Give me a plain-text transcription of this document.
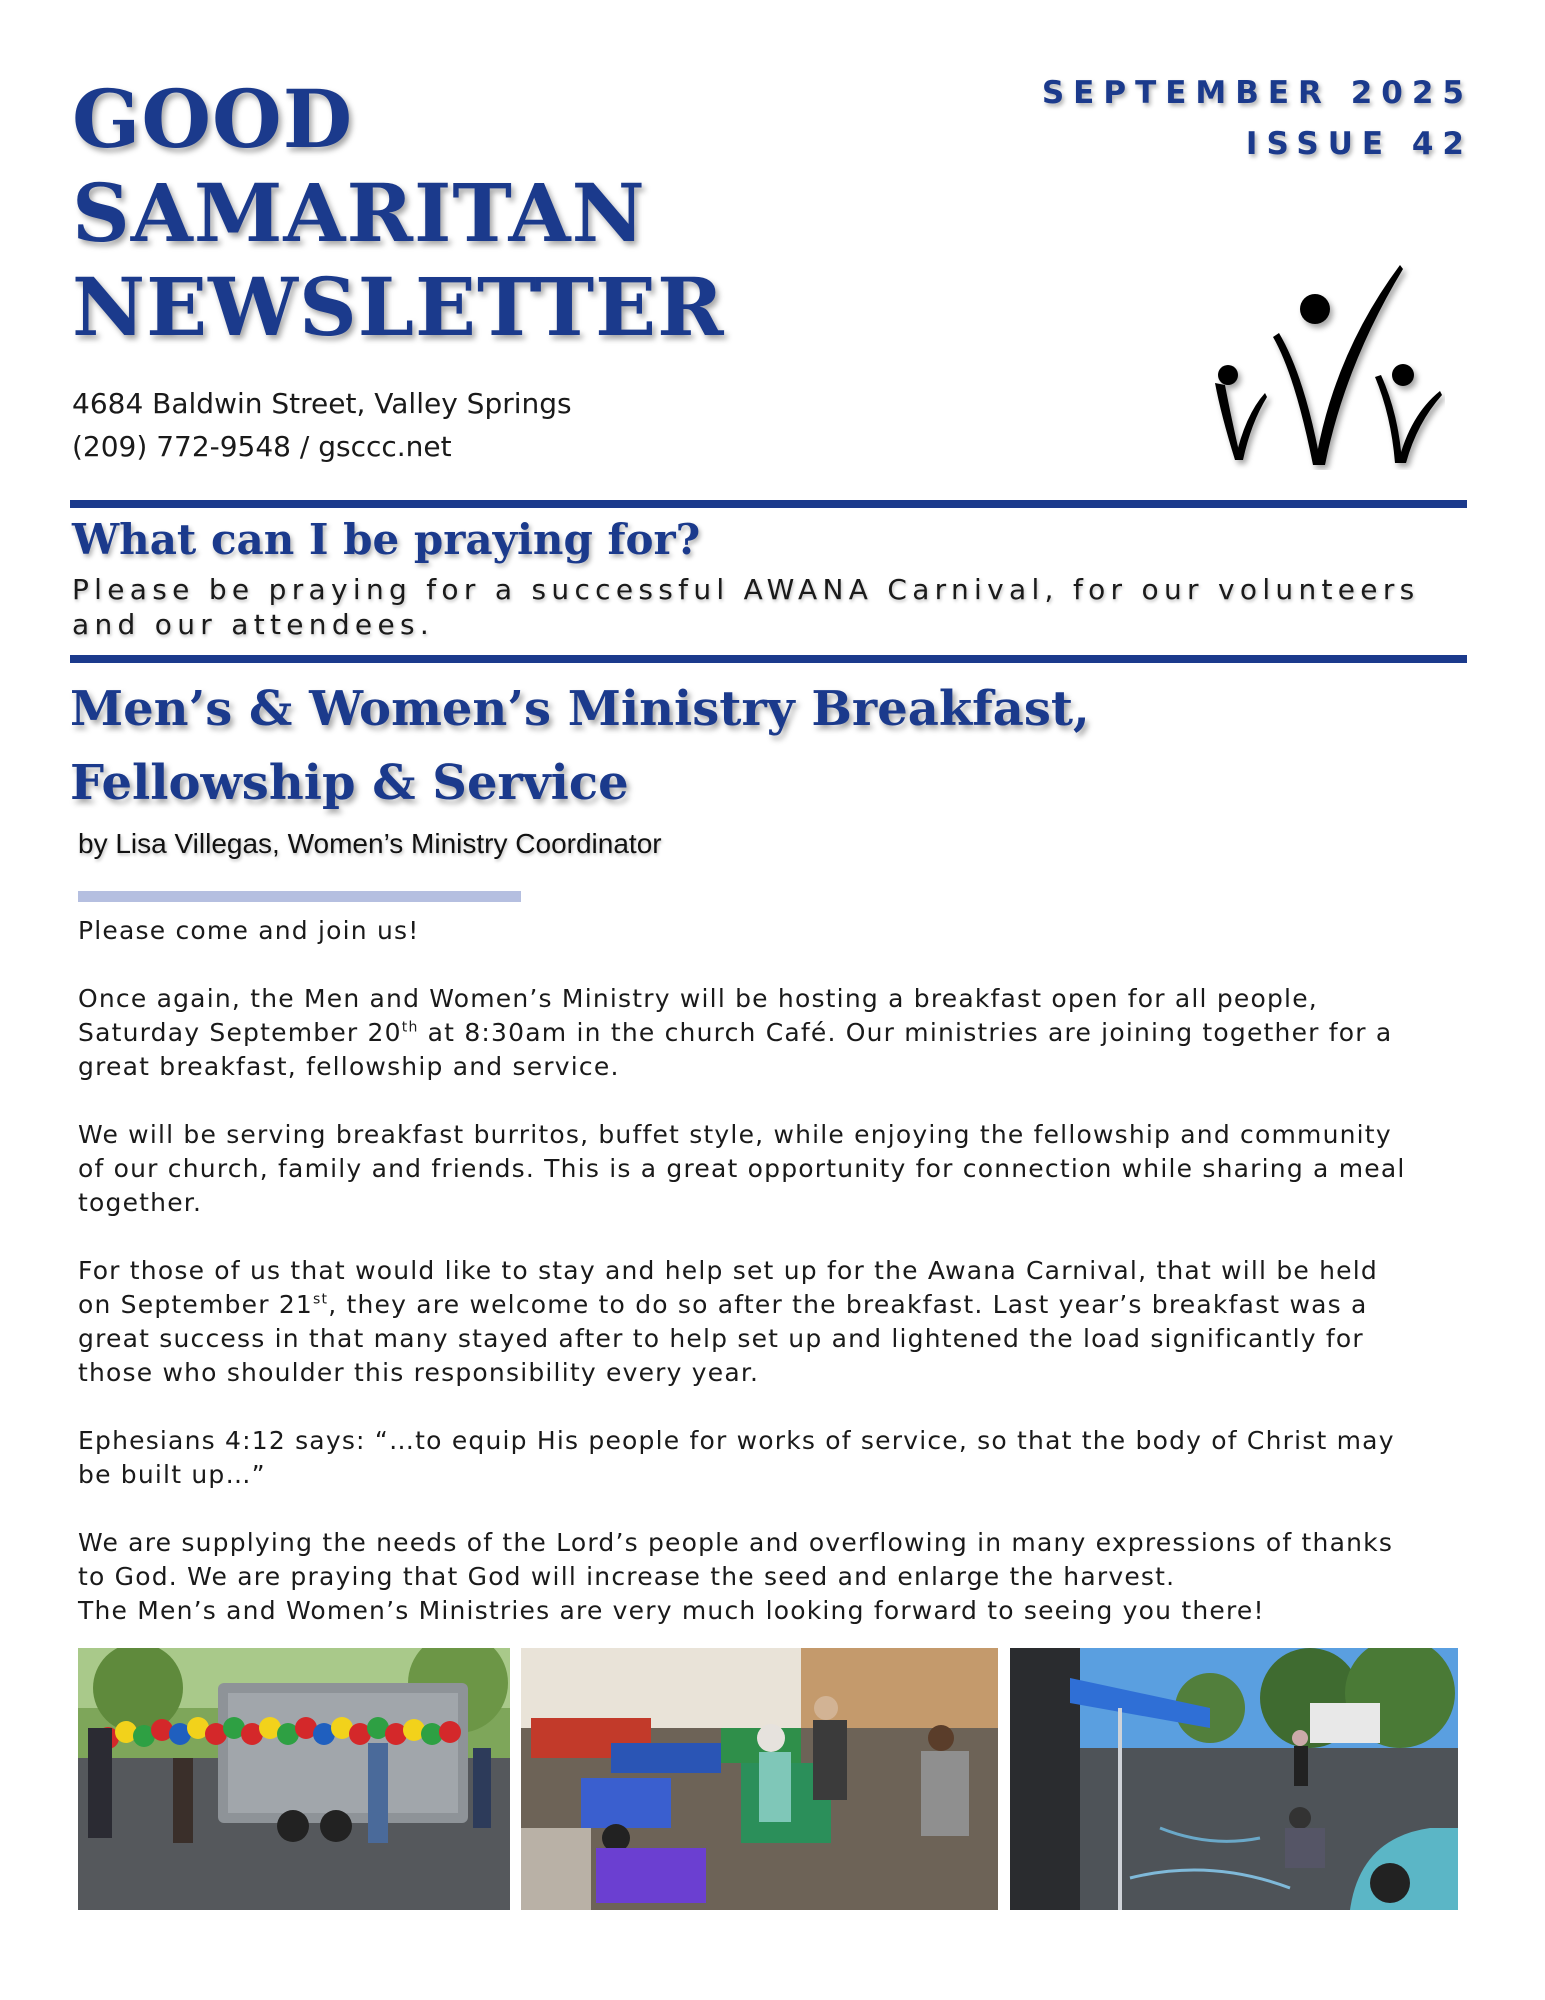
GOOD
SAMARITAN
NEWSLETTER
SEPTEMBER 2025
ISSUE 42
4684 Baldwin Street, Valley Springs
(209) 772-9548 / gsccc.net
What can I be praying for?

Please be praying for a successful AWANA Carnival, for our volunteers and our attendees.

Men’s & Women’s Ministry Breakfast,
Fellowship & Service

by Lisa Villegas, Women’s Ministry Coordinator

Please come and join us!

Once again, the Men and Women’s Ministry will be hosting a breakfast open for all people,
Saturday September 20th at 8:30am in the church Café. Our ministries are joining together for a
great breakfast, fellowship and service.

We will be serving breakfast burritos, buffet style, while enjoying the fellowship and community
of our church, family and friends. This is a great opportunity for connection while sharing a meal
together.

For those of us that would like to stay and help set up for the Awana Carnival, that will be held
on September 21st, they are welcome to do so after the breakfast. Last year’s breakfast was a
great success in that many stayed after to help set up and lightened the load significantly for
those who shoulder this responsibility every year.

Ephesians 4:12 says: “…to equip His people for works of service, so that the body of Christ may
be built up…”

We are supplying the needs of the Lord’s people and overflowing in many expressions of thanks
to God. We are praying that God will increase the seed and enlarge the harvest.
The Men’s and Women’s Ministries are very much looking forward to seeing you there!
